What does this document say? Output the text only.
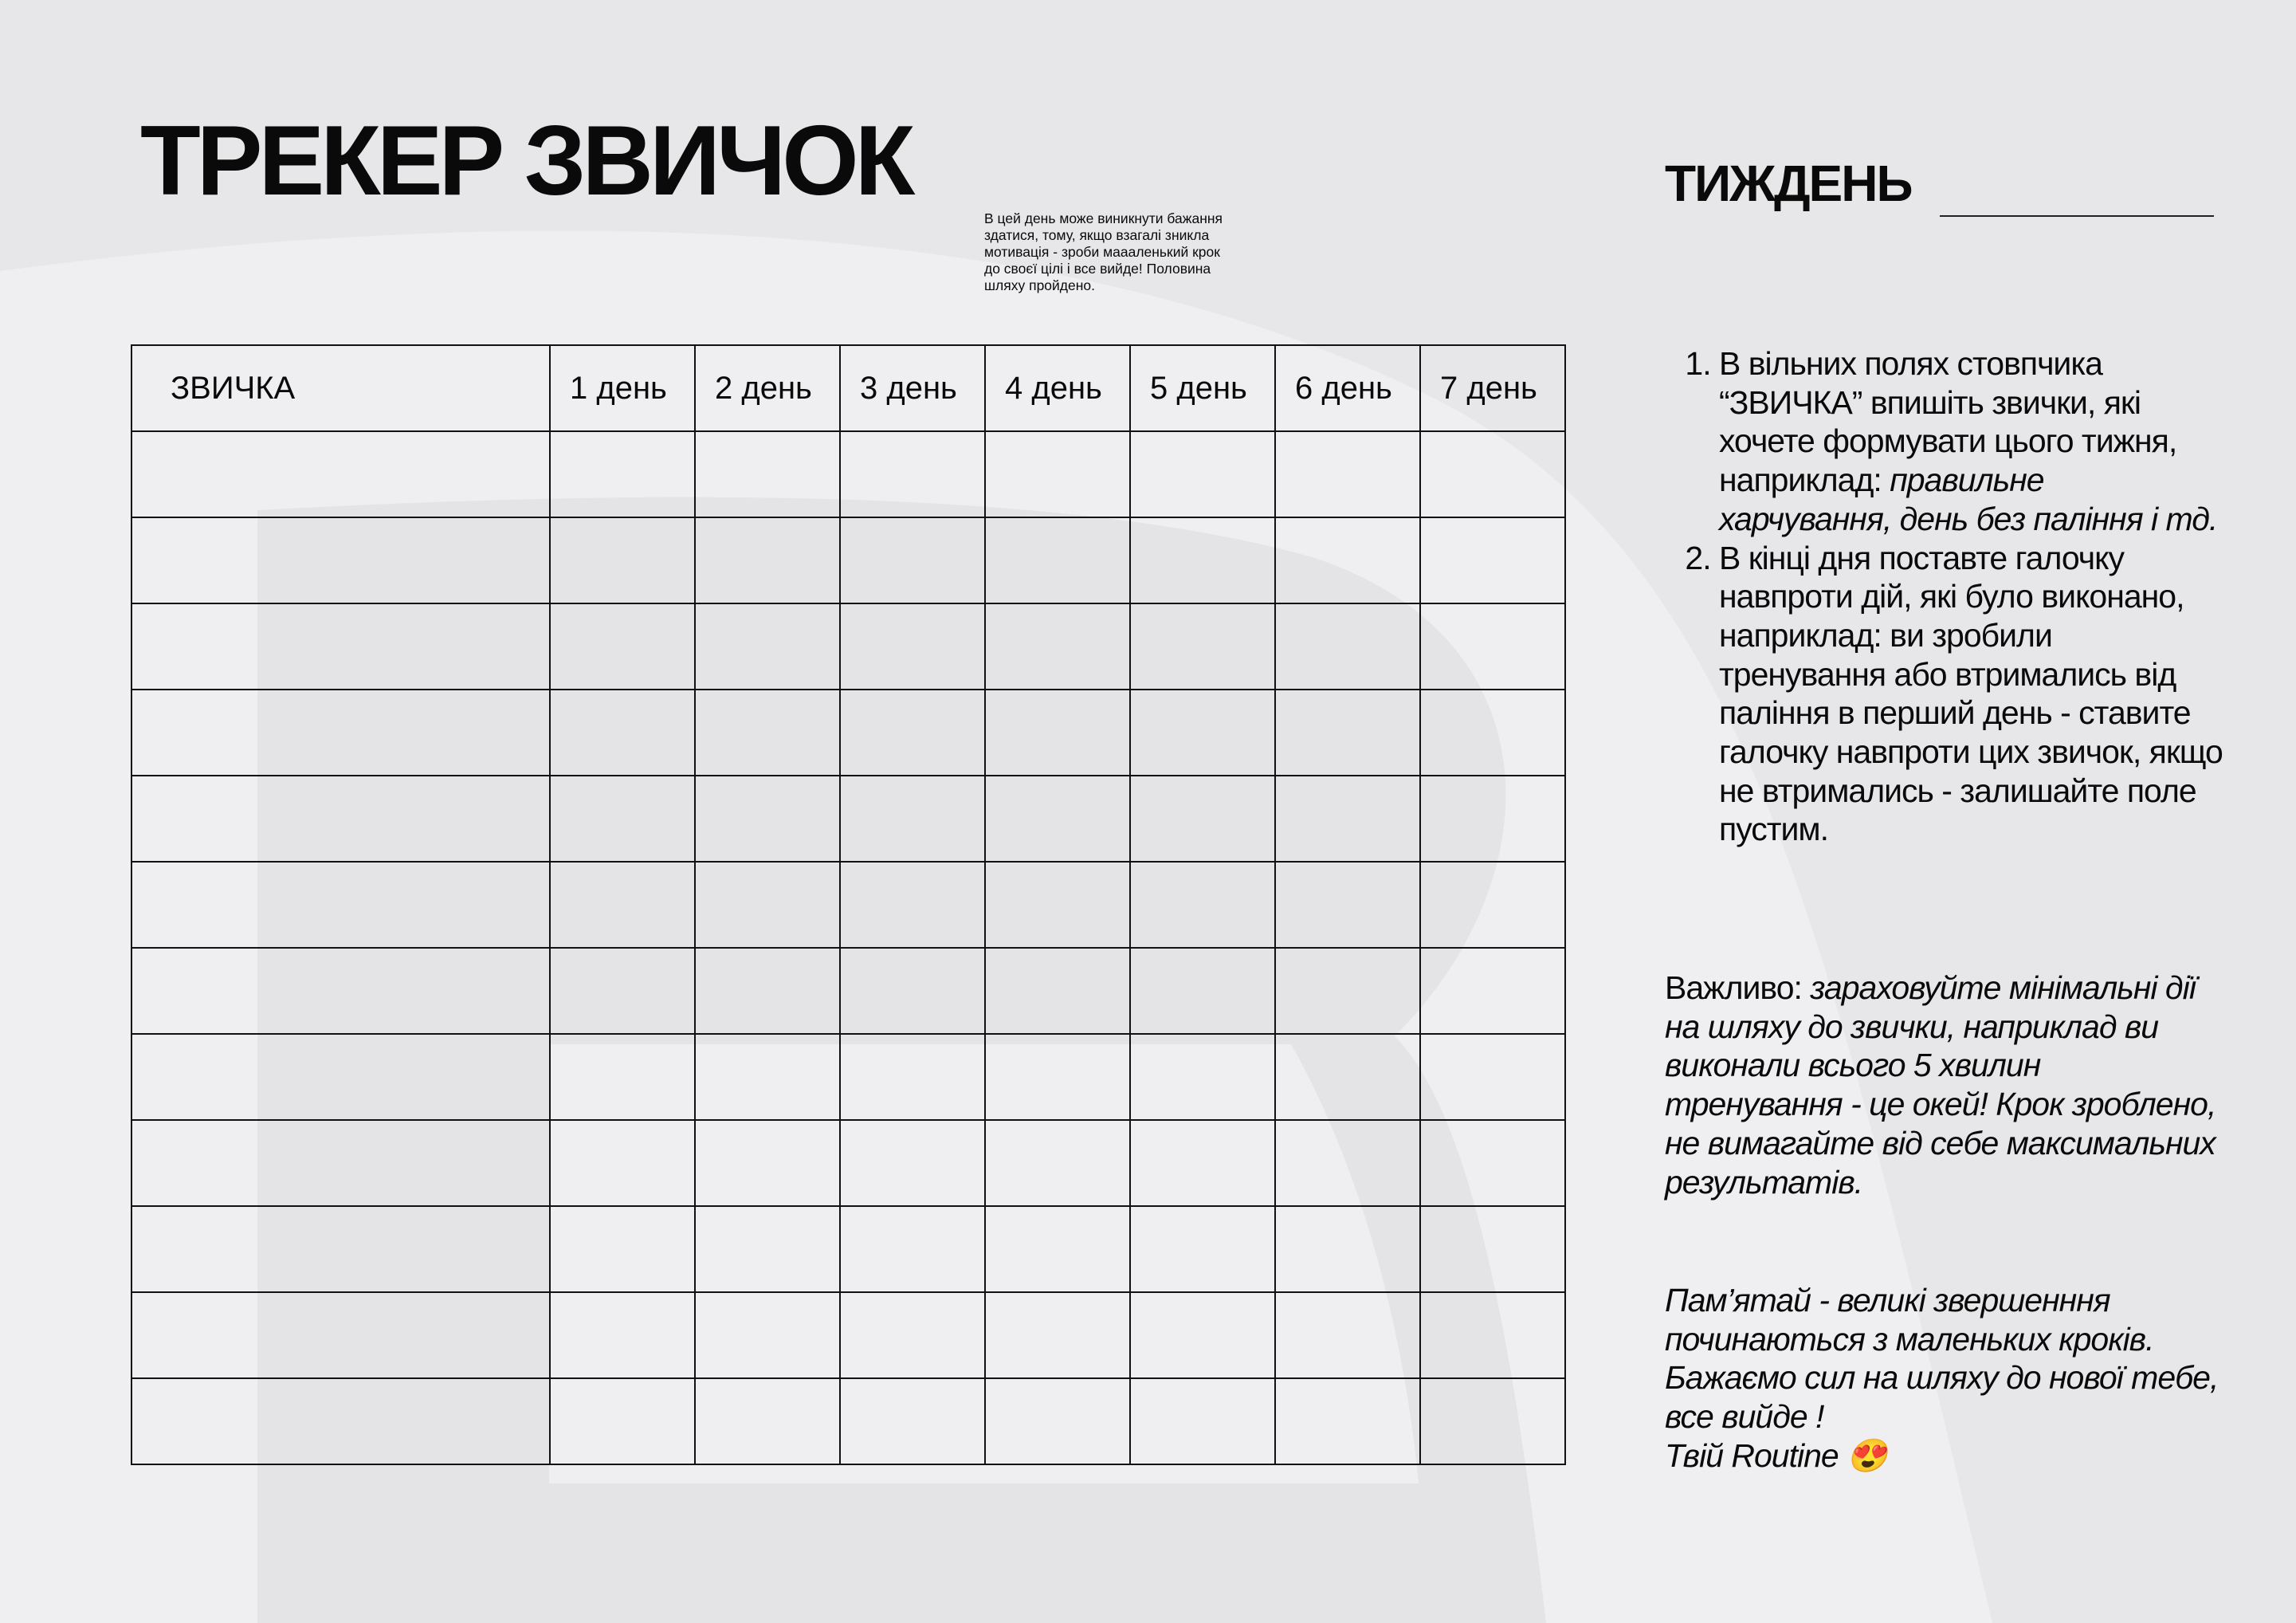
ТРЕКЕР ЗВИЧОК
В цей день може виникнути бажання здатися, тому, якщо взагалі зникла мотивація - зроби маааленький крок до своєї цілі і все вийде! Половина шляху пройдено.
ТИЖДЕНЬ
ЗВИЧКА	1 день	2 день	3 день	4 день	5 день	6 день	7 день

1. В вільних полях стовпчика “ЗВИЧКА” впишіть звички, які хочете формувати цього тижня, наприклад: правильне харчування, день без паління і тд.
2. В кінці дня поставте галочку навпроти дій, які було виконано, наприклад: ви зробили тренування або втримались від паління в перший день - ставите галочку навпроти цих звичок, якщо не втримались - залишайте поле пустим.
Важливо: зараховуйте мінімальні дії на шляху до звички, наприклад ви виконали всього 5 хвилин тренування - це окей! Крок зроблено, не вимагайте від себе максимальних результатів.
Пам’ятай - великі звершенння починаються з маленьких кроків.
Бажаємо сил на шляху до нової тебе, все вийде !
Твій Routine 😍
